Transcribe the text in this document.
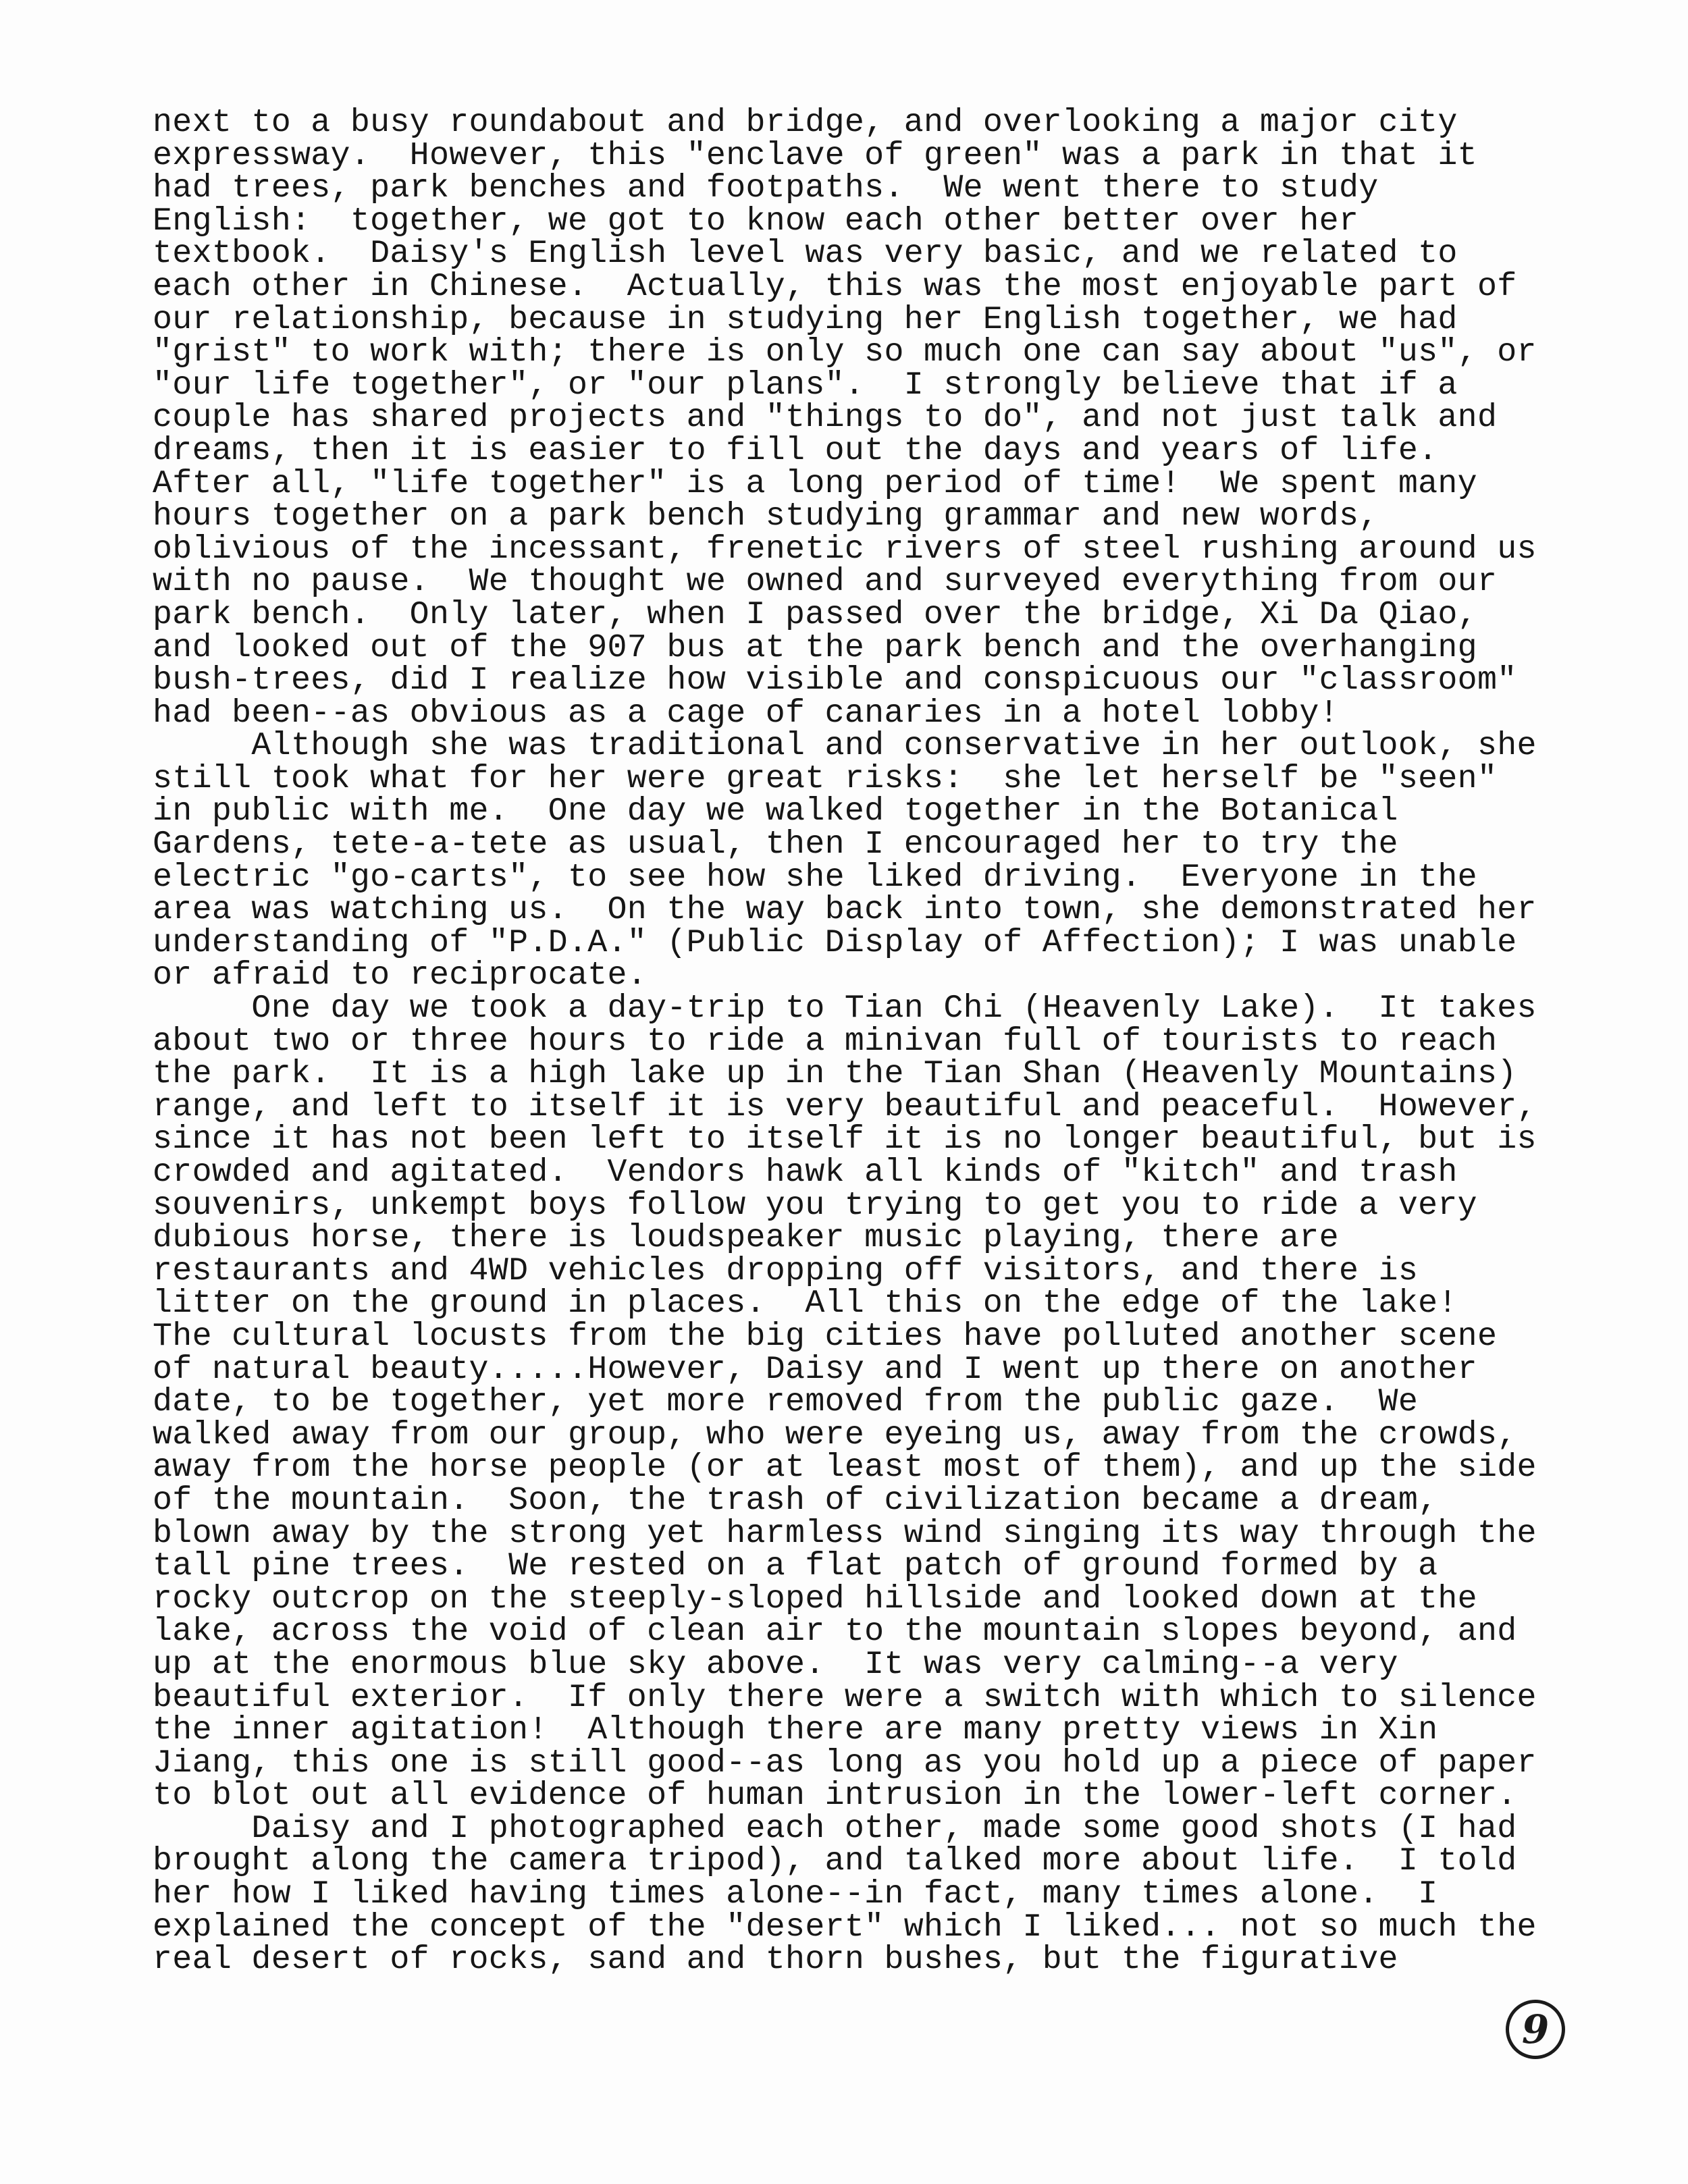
next to a busy roundabout and bridge, and overlooking a major city
expressway.  However, this "enclave of green" was a park in that it
had trees, park benches and footpaths.  We went there to study
English:  together, we got to know each other better over her
textbook.  Daisy's English level was very basic, and we related to
each other in Chinese.  Actually, this was the most enjoyable part of
our relationship, because in studying her English together, we had
"grist" to work with; there is only so much one can say about "us", or
"our life together", or "our plans".  I strongly believe that if a
couple has shared projects and "things to do", and not just talk and
dreams, then it is easier to fill out the days and years of life.
After all, "life together" is a long period of time!  We spent many
hours together on a park bench studying grammar and new words,
oblivious of the incessant, frenetic rivers of steel rushing around us
with no pause.  We thought we owned and surveyed everything from our
park bench.  Only later, when I passed over the bridge, Xi Da Qiao,
and looked out of the 907 bus at the park bench and the overhanging
bush-trees, did I realize how visible and conspicuous our "classroom"
had been--as obvious as a cage of canaries in a hotel lobby!
Although she was traditional and conservative in her outlook, she
still took what for her were great risks:  she let herself be "seen"
in public with me.  One day we walked together in the Botanical
Gardens, tete-a-tete as usual, then I encouraged her to try the
electric "go-carts", to see how she liked driving.  Everyone in the
area was watching us.  On the way back into town, she demonstrated her
understanding of "P.D.A." (Public Display of Affection); I was unable
or afraid to reciprocate.
One day we took a day-trip to Tian Chi (Heavenly Lake).  It takes
about two or three hours to ride a minivan full of tourists to reach
the park.  It is a high lake up in the Tian Shan (Heavenly Mountains)
range, and left to itself it is very beautiful and peaceful.  However,
since it has not been left to itself it is no longer beautiful, but is
crowded and agitated.  Vendors hawk all kinds of "kitch" and trash
souvenirs, unkempt boys follow you trying to get you to ride a very
dubious horse, there is loudspeaker music playing, there are
restaurants and 4WD vehicles dropping off visitors, and there is
litter on the ground in places.  All this on the edge of the lake!
The cultural locusts from the big cities have polluted another scene
of natural beauty.....However, Daisy and I went up there on another
date, to be together, yet more removed from the public gaze.  We
walked away from our group, who were eyeing us, away from the crowds,
away from the horse people (or at least most of them), and up the side
of the mountain.  Soon, the trash of civilization became a dream,
blown away by the strong yet harmless wind singing its way through the
tall pine trees.  We rested on a flat patch of ground formed by a
rocky outcrop on the steeply-sloped hillside and looked down at the
lake, across the void of clean air to the mountain slopes beyond, and
up at the enormous blue sky above.  It was very calming--a very
beautiful exterior.  If only there were a switch with which to silence
the inner agitation!  Although there are many pretty views in Xin
Jiang, this one is still good--as long as you hold up a piece of paper
to blot out all evidence of human intrusion in the lower-left corner.
Daisy and I photographed each other, made some good shots (I had
brought along the camera tripod), and talked more about life.  I told
her how I liked having times alone--in fact, many times alone.  I
explained the concept of the "desert" which I liked... not so much the
real desert of rocks, sand and thorn bushes, but the figurative
9
